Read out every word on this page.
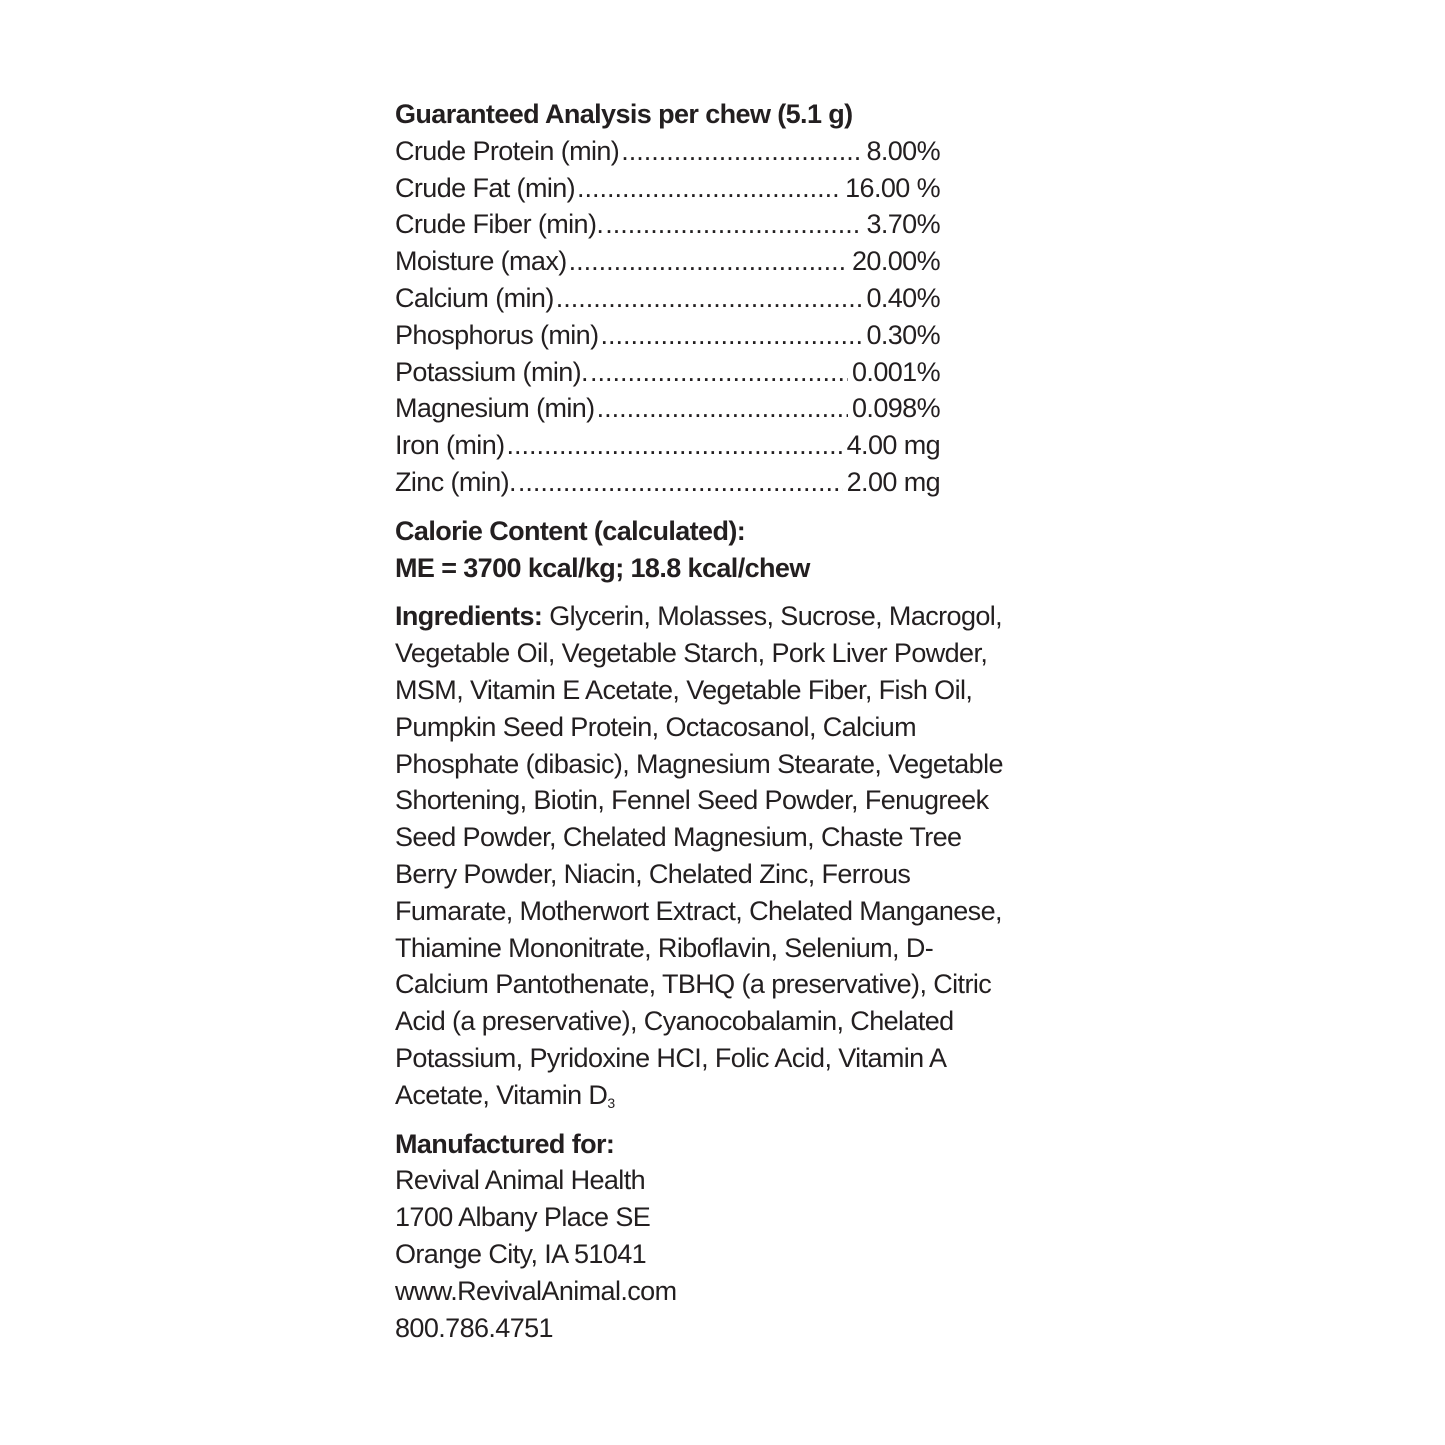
Guaranteed Analysis per chew (5.1 g)

Crude Protein (min) .....	8.00%
Crude Fat (min) .....	16.00 %
Crude Fiber (min). .....	3.70%
Moisture (max) .....	20.00%
Calcium (min) .....	0.40%
Phosphorus (min) .....	0.30%
Potassium (min). .....	0.001%
Magnesium (min) .....	0.098%
Iron (min) .....	4.00 mg
Zinc (min). .....	2.00 mg

Calorie Content (calculated):

ME = 3700 kcal/kg; 18.8 kcal/chew

Ingredients: Glycerin, Molasses, Sucrose, Macrogol, Vegetable Oil, Vegetable Starch, Pork Liver Powder, MSM, Vitamin E Acetate, Vegetable Fiber, Fish Oil, Pumpkin Seed Protein, Octacosanol, Calcium Phosphate (dibasic), Magnesium Stearate, Vegetable Shortening, Biotin, Fennel Seed Powder, Fenugreek Seed Powder, Chelated Magnesium, Chaste Tree Berry Powder, Niacin, Chelated Zinc, Ferrous Fumarate, Motherwort Extract, Chelated Manganese, Thiamine Mononitrate, Riboflavin, Selenium, D-Calcium Pantothenate, TBHQ (a preservative), Citric Acid (a preservative), Cyanocobalamin, Chelated Potassium, Pyridoxine HCI, Folic Acid, Vitamin A Acetate, Vitamin $D_3$

Manufactured for:

Revival Animal Health

1700 Albany Place SE

Orange City, IA 51041

www.RevivalAnimal.com

800.786.4751
